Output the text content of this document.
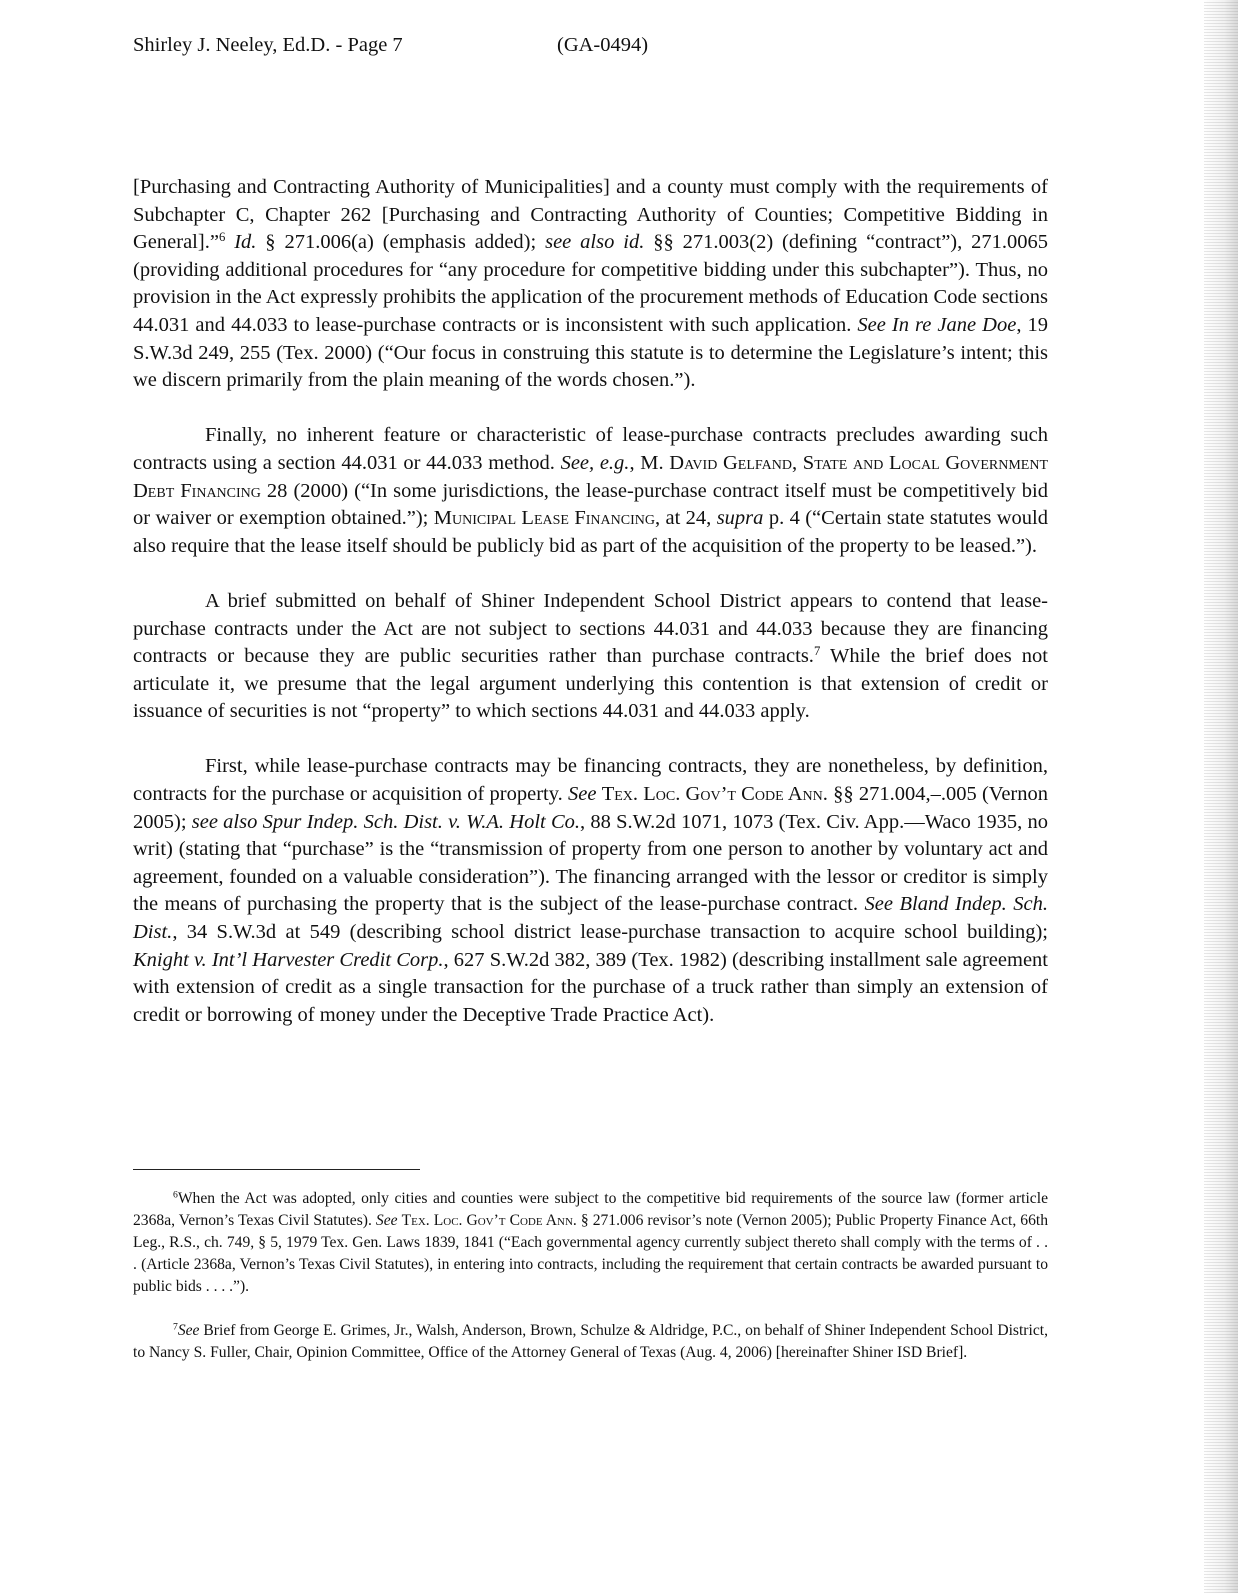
Shirley J. Neeley, Ed.D. - Page 7	(GA-0494)

[Purchasing and Contracting Authority of Municipalities] and a county must comply with the requirements of Subchapter C, Chapter 262 [Purchasing and Contracting Authority of Counties; Competitive Bidding in General].”$^6$ Id. § 271.006(a) (emphasis added); see also id. §§ 271.003(2) (defining “contract”), 271.0065 (providing additional procedures for “any procedure for competitive bidding under this subchapter”). Thus, no provision in the Act expressly prohibits the application of the procurement methods of Education Code sections 44.031 and 44.033 to lease-purchase contracts or is inconsistent with such application. See In re Jane Doe, 19 S.W.3d 249, 255 (Tex. 2000) (“Our focus in construing this statute is to determine the Legislature’s intent; this we discern primarily from the plain meaning of the words chosen.”).

Finally, no inherent feature or characteristic of lease-purchase contracts precludes awarding such contracts using a section 44.031 or 44.033 method. See, e.g., M. David Gelfand, State and Local Government Debt Financing 28 (2000) (“In some jurisdictions, the lease-purchase contract itself must be competitively bid or waiver or exemption obtained.”); Municipal Lease Financing, at 24, supra p. 4 (“Certain state statutes would also require that the lease itself should be publicly bid as part of the acquisition of the property to be leased.”).

A brief submitted on behalf of Shiner Independent School District appears to contend that lease-purchase contracts under the Act are not subject to sections 44.031 and 44.033 because they are financing contracts or because they are public securities rather than purchase contracts.$^7$ While the brief does not articulate it, we presume that the legal argument underlying this contention is that extension of credit or issuance of securities is not “property” to which sections 44.031 and 44.033 apply.

First, while lease-purchase contracts may be financing contracts, they are nonetheless, by definition, contracts for the purchase or acquisition of property. See Tex. Loc. Gov’t Code Ann. §§ 271.004,–.005 (Vernon 2005); see also Spur Indep. Sch. Dist. v. W.A. Holt Co., 88 S.W.2d 1071, 1073 (Tex. Civ. App.—Waco 1935, no writ) (stating that “purchase” is the “transmission of property from one person to another by voluntary act and agreement, founded on a valuable consideration”). The financing arranged with the lessor or creditor is simply the means of purchasing the property that is the subject of the lease-purchase contract. See Bland Indep. Sch. Dist., 34 S.W.3d at 549 (describing school district lease-purchase transaction to acquire school building); Knight v. Int’l Harvester Credit Corp., 627 S.W.2d 382, 389 (Tex. 1982) (describing installment sale agreement with extension of credit as a single transaction for the purchase of a truck rather than simply an extension of credit or borrowing of money under the Deceptive Trade Practice Act).

$^6$When the Act was adopted, only cities and counties were subject to the competitive bid requirements of the source law (former article 2368a, Vernon’s Texas Civil Statutes). See Tex. Loc. Gov’t Code Ann. § 271.006 revisor’s note (Vernon 2005); Public Property Finance Act, 66th Leg., R.S., ch. 749, § 5, 1979 Tex. Gen. Laws 1839, 1841 (“Each governmental agency currently subject thereto shall comply with the terms of . . . (Article 2368a, Vernon’s Texas Civil Statutes), in entering into contracts, including the requirement that certain contracts be awarded pursuant to public bids . . . .”).

$^7$See Brief from George E. Grimes, Jr., Walsh, Anderson, Brown, Schulze & Aldridge, P.C., on behalf of Shiner Independent School District, to Nancy S. Fuller, Chair, Opinion Committee, Office of the Attorney General of Texas (Aug. 4, 2006) [hereinafter Shiner ISD Brief].
